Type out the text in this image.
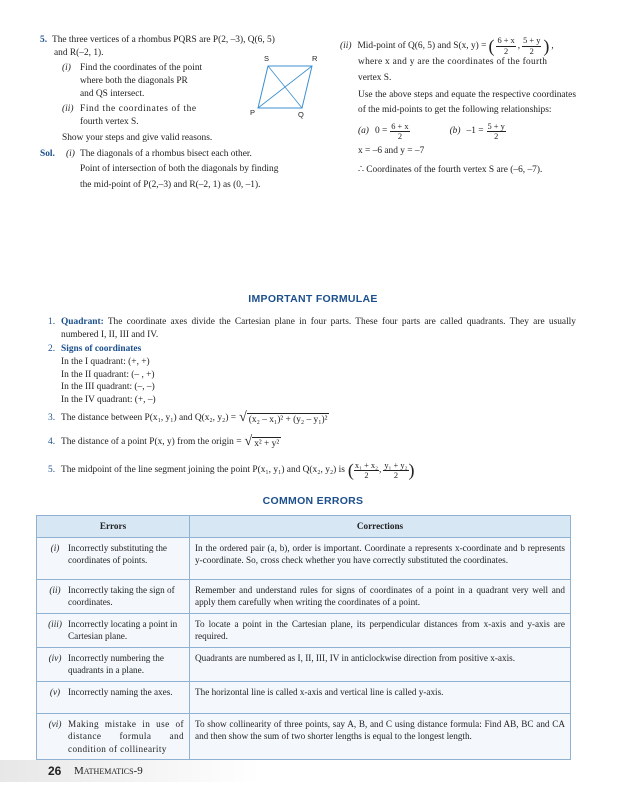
5. The three vertices of a rhombus PQRS are P(2, –3), Q(6, 5)
and R(–2, 1).
(i) Find the coordinates of the point
where both the diagonals PR
and QS intersect.
(ii) Find the coordinates of the
fourth vertex S.
Show your steps and give valid reasons.
Sol.	(i) The diagonals of a rhombus bisect each other.
Point of intersection of both the diagonals by finding
the mid-point of P(2,–3) and R(–2, 1) as (0, –1).
S	R
P	Q
(ii) Mid-point of Q(6, 5) and S(x, y) = ( $\frac{6 + x}{2}$ , $\frac{5 + y}{2}$ ) ,
where x and y are the coordinates of the fourth
vertex S.
Use the above steps and equate the respective coordinates of the mid-points to get the following relationships:
(a) $0 = \frac{6 + x}{2}$	(b) $-1 = \frac{5 + y}{2}$
x = –6 and y = –7
∴ Coordinates of the fourth vertex S are (–6, –7).
IMPORTANT FORMULAE
1. Quadrant: The coordinate axes divide the Cartesian plane in four parts. These four parts are called quadrants. They are usually numbered I, II, III and IV.
2. Signs of coordinates
In the I quadrant: (+, +)
In the II quadrant: (– , +)
In the III quadrant: (–, –)
In the IV quadrant: (+, –)
3. The distance between P(x₁, y₁) and Q(x₂, y₂) = √ (x₂ – x₁)² + (y₂ – y₁)²
4. The distance of a point P(x, y) from the origin = √ x² + y²
5. The midpoint of the line segment joining the point P(x₁, y₁) and Q(x₂, y₂) is ( $\frac{\text{x₁ + x₂}}{2}$ , $\frac{\text{y₁ + y₂}}{2}$ )
COMMON ERRORS
Errors	Corrections

(i) Incorrectly substituting the coordinates of points.	In the ordered pair (a, b), order is important. Coordinate a represents x-coordinate and b represents y-coordinate. So, cross check whether you have correctly substituted the coordinates.

(ii) Incorrectly taking the sign of coordinates.	Remember and understand rules for signs of coordinates of a point in a quadrant very well and apply them carefully when writing the coordinates of a point.

(iii) Incorrectly locating a point in Cartesian plane.	To locate a point in the Cartesian plane, its perpendicular distances from x-axis and y-axis are required.

(iv) Incorrectly numbering the quadrants in a plane.	Quadrants are numbered as I, II, III, IV in anticlockwise direction from positive x-axis.

(v) Incorrectly naming the axes.	The horizontal line is called x-axis and vertical line is called y-axis.

(vi) Making mistake in use of distance formula and condition of collinearity	To show collinearity of three points, say A, B, and C using distance formula: Find AB, BC and CA and then show the sum of two shorter lengths is equal to the longest length.
26 Mathematics-9
